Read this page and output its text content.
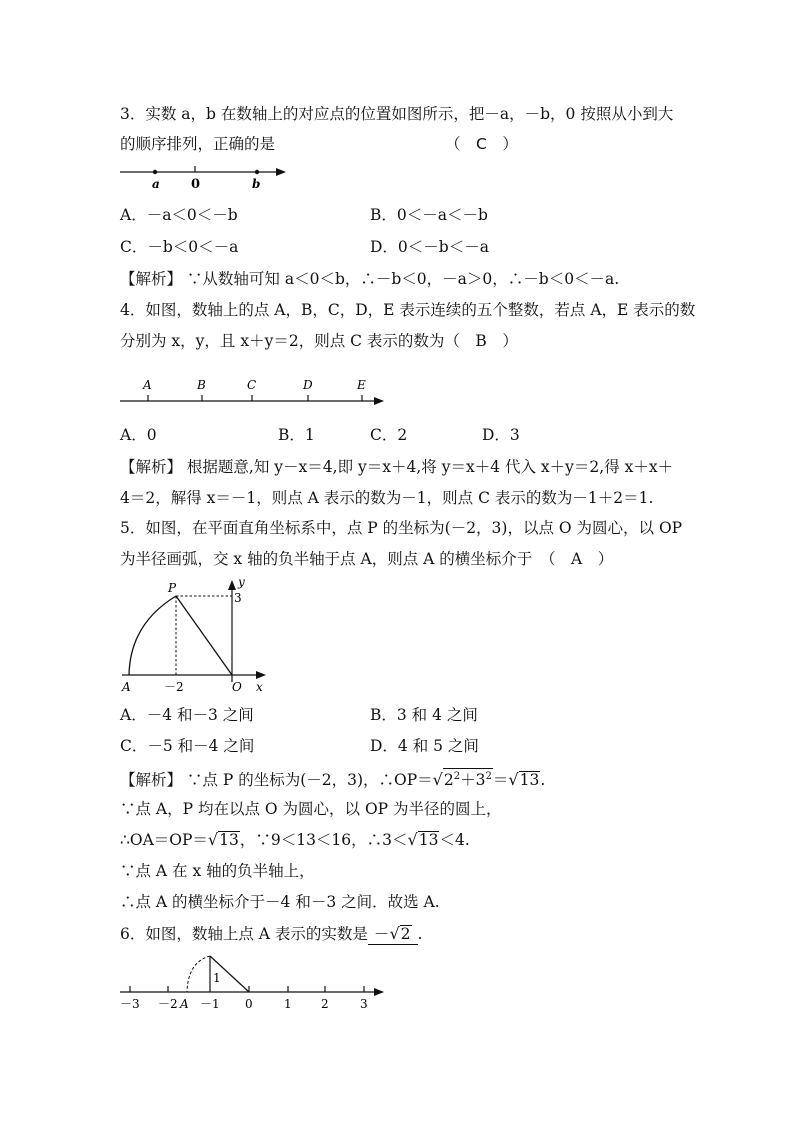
3．实数 a，b 在数轴上的对应点的位置如图所示，把－a，－b，0 按照从小到大
的顺序排列，正确的是	（　C　）
a 0	b
A．－a＜0＜－b	B．0＜－a＜－b
C．－b＜0＜－a	D．0＜－b＜－a
【解析】 ∵从数轴可知 a＜0＜b，∴－b＜0，－a＞0，∴－b＜0＜－a.
4．如图，数轴上的点 A，B，C，D，E 表示连续的五个整数，若点 A，E 表示的数
分别为 x，y，且 x＋y＝2，则点 C 表示的数为（　B　）
A	B	C	D	E
A．0	B．1	C．2	D．3
【解析】 根据题意,知 y－x＝4,即 y＝x＋4,将 y＝x＋4 代入 x＋y＝2,得 x＋x＋
4＝2，解得 x＝－1，则点 A 表示的数为－1，则点 C 表示的数为－1＋2＝1.
5．如图，在平面直角坐标系中，点 P 的坐标为(－2，3)，以点 O 为圆心，以 OP
为半径画弧，交 x 轴的负半轴于点 A，则点 A 的横坐标介于　（　A　）
P	y
3
A	－2	O x
A．－4 和－3 之间	B．3 和 4 之间
C．－5 和－4 之间	D．4 和 5 之间
【解析】 ∵点 P 的坐标为(－2，3)，$\therefore OP=√2^2+3^2=√13$.
∵点 A，P 均在以点 O 为圆心，以 OP 为半径的圆上，
∴OA＝OP＝√13，∵9＜13＜16，∴3＜√13＜4.
∵点 A 在 x 轴的负半轴上，
∴点 A 的横坐标介于－4 和－3 之间．故选 A.
6．如图，数轴上点 A 表示的实数是 －√2 .
1
－3 －2 A －1 0	1 2	3
